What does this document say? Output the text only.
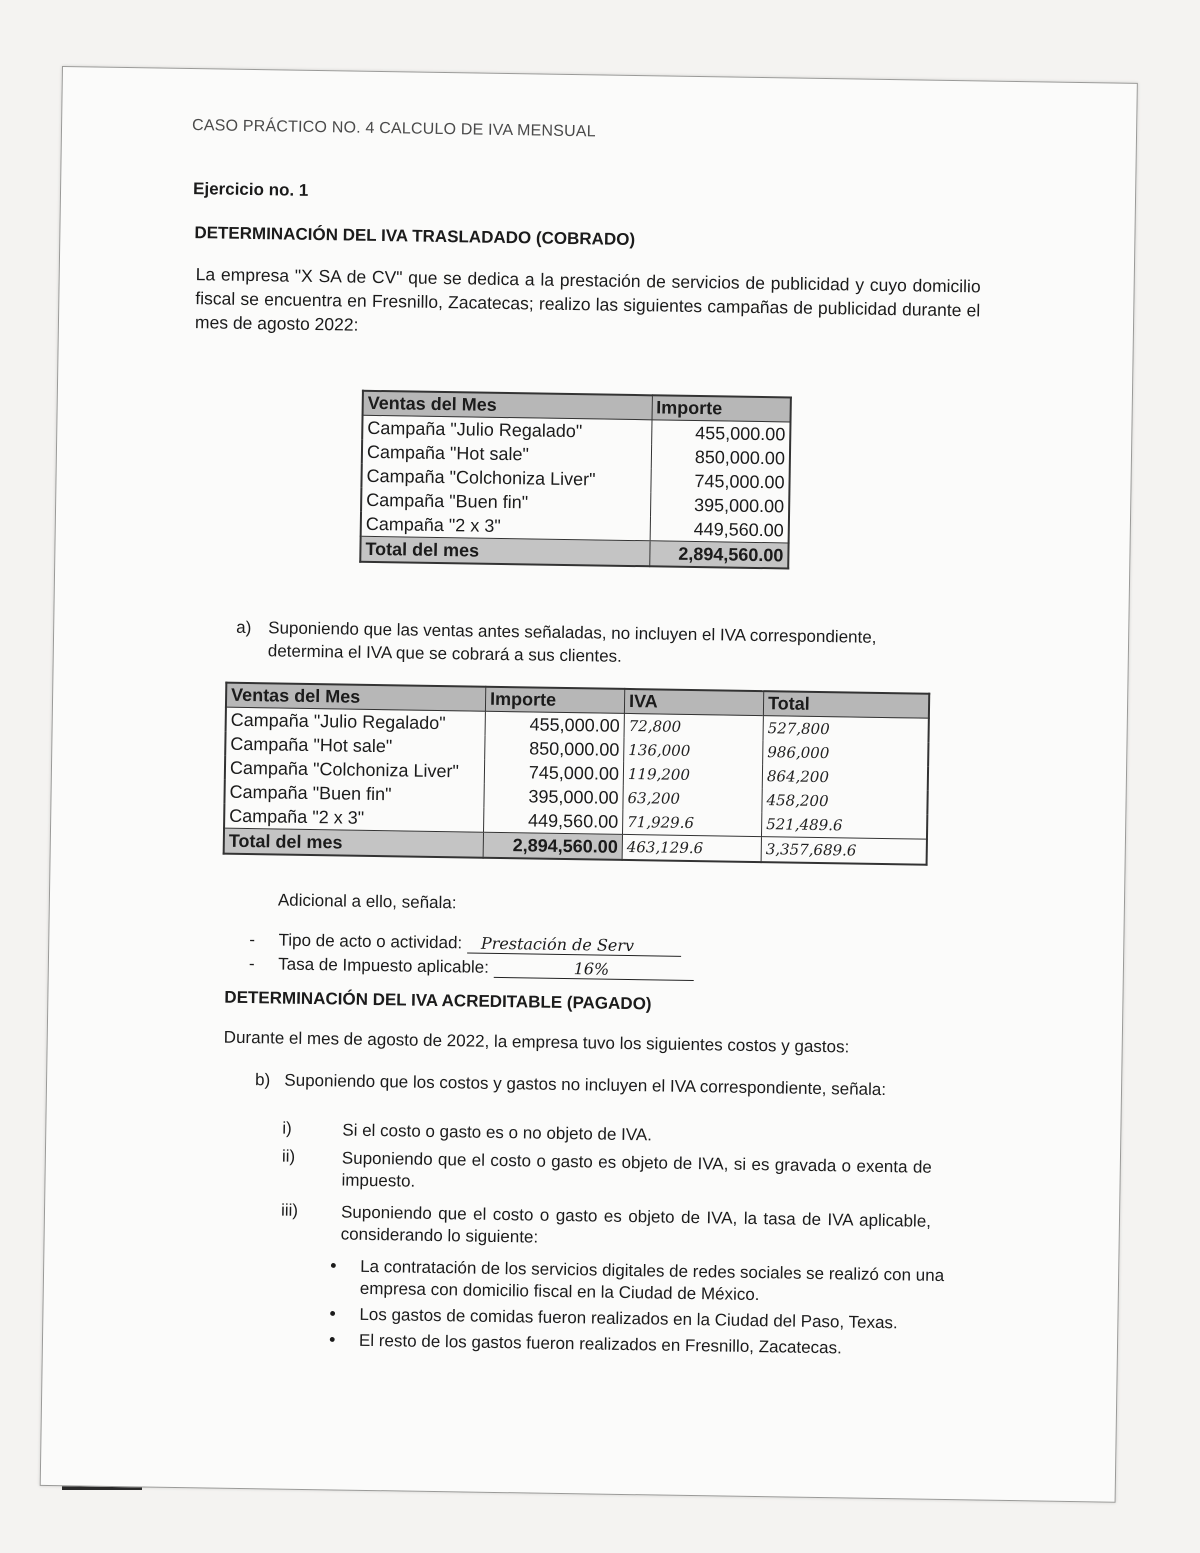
CASO PRÁCTICO NO. 4 CALCULO DE IVA MENSUAL
Ejercicio no. 1
DETERMINACIÓN DEL IVA TRASLADADO (COBRADO)
La empresa "X SA de CV" que se dedica a la prestación de servicios de publicidad y cuyo domicilio fiscal se encuentra en Fresnillo, Zacatecas; realizo las siguientes campañas de publicidad durante el mes de agosto 2022:
Ventas del Mes	Importe
Campaña "Julio Regalado"	455,000.00
Campaña "Hot sale"	850,000.00
Campaña "Colchoniza Liver"	745,000.00
Campaña "Buen fin"	395,000.00
Campaña "2 x 3"	449,560.00
Total del mes	2,894,560.00
a) Suponiendo que las ventas antes señaladas, no incluyen el IVA correspondiente, determina el IVA que se cobrará a sus clientes.
Ventas del Mes	Importe	IVA	Total
Campaña "Julio Regalado"	455,000.00	72,800	527,800
Campaña "Hot sale"	850,000.00	136,000	986,000
Campaña "Colchoniza Liver"	745,000.00	119,200	864,200
Campaña "Buen fin"	395,000.00	63,200	458,200
Campaña "2 x 3"	449,560.00	71,929.6	521,489.6
Total del mes	2,894,560.00	463,129.6	3,357,689.6
Adicional a ello, señala:
- Tipo de acto o actividad: Prestación de Serv
- Tasa de Impuesto aplicable:	16%
DETERMINACIÓN DEL IVA ACREDITABLE (PAGADO)
Durante el mes de agosto de 2022, la empresa tuvo los siguientes costos y gastos:
b) Suponiendo que los costos y gastos no incluyen el IVA correspondiente, señala:
i)	Si el costo o gasto es o no objeto de IVA.
ii)	Suponiendo que el costo o gasto es objeto de IVA, si es gravada o exenta de impuesto.
iii)	Suponiendo que el costo o gasto es objeto de IVA, la tasa de IVA aplicable, considerando lo siguiente:
• La contratación de los servicios digitales de redes sociales se realizó con una empresa con domicilio fiscal en la Ciudad de México.
• Los gastos de comidas fueron realizados en la Ciudad del Paso, Texas.
• El resto de los gastos fueron realizados en Fresnillo, Zacatecas.
